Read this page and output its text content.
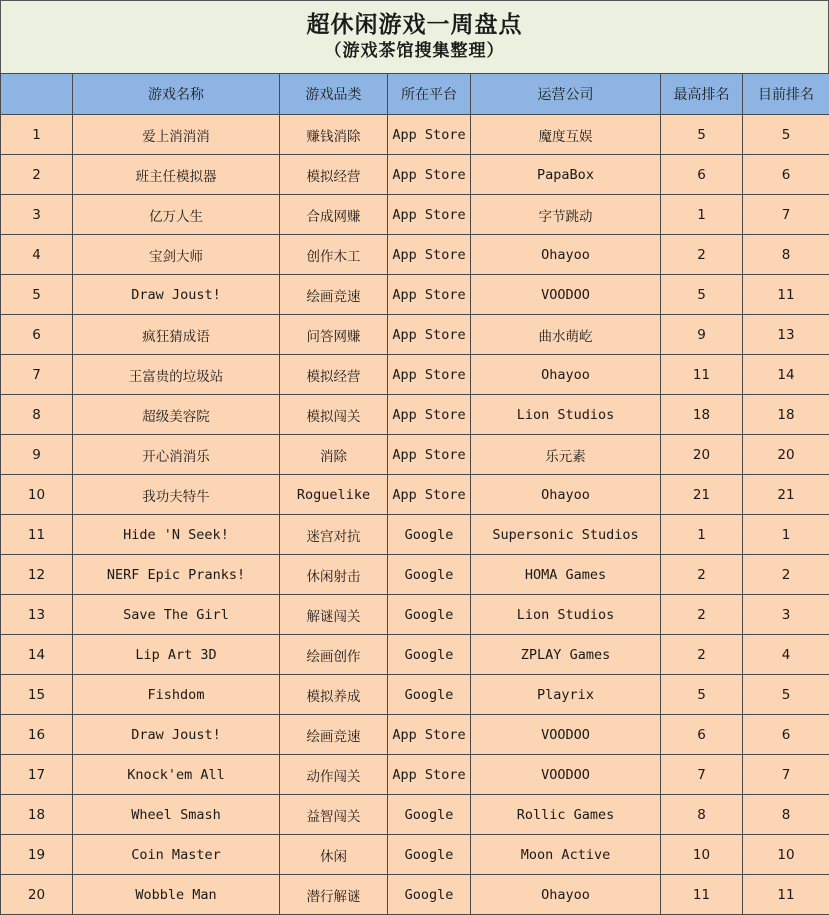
超休闲游戏一周盘点
（游戏茶馆搜集整理）
	游戏名称	游戏品类	所在平台	运营公司	最高排名	目前排名
1	爱上消消消	赚钱消除	App Store	魔度互娱	5	5
2	班主任模拟器	模拟经营	App Store	PapaBox	6	6
3	亿万人生	合成网赚	App Store	字节跳动	1	7
4	宝剑大师	创作木工	App Store	Ohayoo	2	8
5	Draw Joust!	绘画竞速	App Store	VOODOO	5	11
6	疯狂猜成语	问答网赚	App Store	曲水萌屹	9	13
7	王富贵的垃圾站	模拟经营	App Store	Ohayoo	11	14
8	超级美容院	模拟闯关	App Store	Lion Studios	18	18
9	开心消消乐	消除	App Store	乐元素	20	20
10	我功夫特牛	Roguelike	App Store	Ohayoo	21	21
11	Hide 'N Seek!	迷宫对抗	Google	Supersonic Studios	1	1
12	NERF Epic Pranks!	休闲射击	Google	HOMA Games	2	2
13	Save The Girl	解谜闯关	Google	Lion Studios	2	3
14	Lip Art 3D	绘画创作	Google	ZPLAY Games	2	4
15	Fishdom	模拟养成	Google	Playrix	5	5
16	Draw Joust!	绘画竞速	App Store	VOODOO	6	6
17	Knock'em All	动作闯关	App Store	VOODOO	7	7
18	Wheel Smash	益智闯关	Google	Rollic Games	8	8
19	Coin Master	休闲	Google	Moon Active	10	10
20	Wobble Man	潜行解谜	Google	Ohayoo	11	11
